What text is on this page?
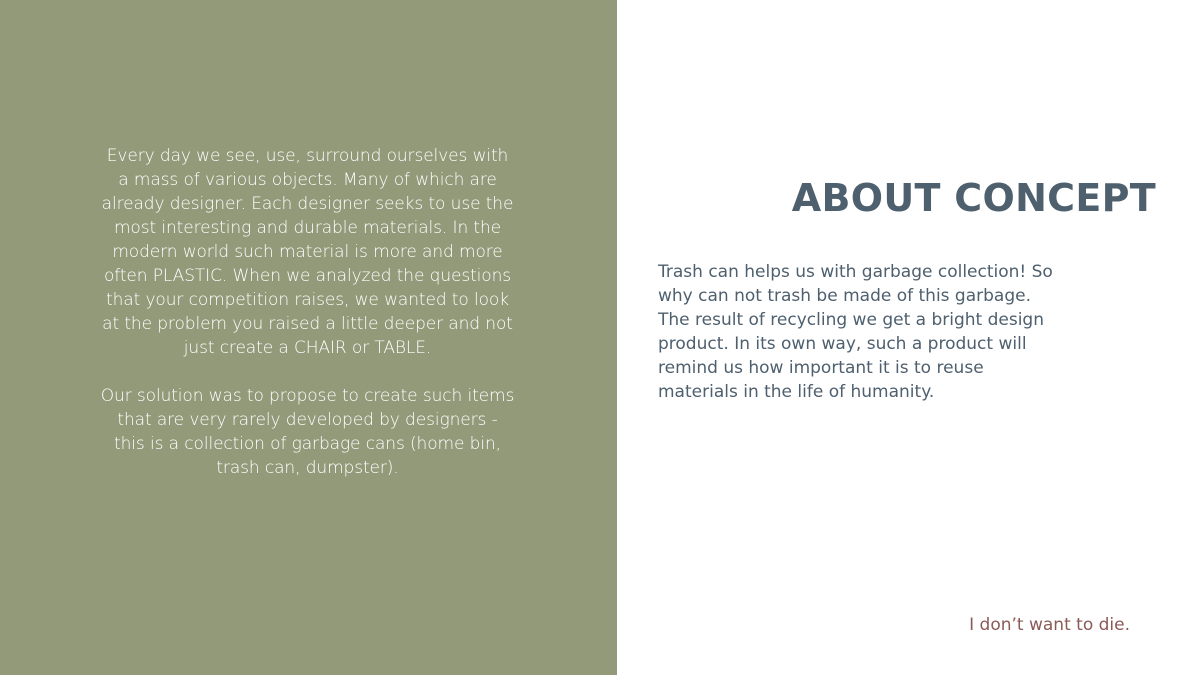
Every day we see, use, surround ourselves with a mass of various objects. Many of which are already designer. Each designer seeks to use the most interesting and durable materials. In the modern world such material is more and more often PLASTIC. When we analyzed the questions that your competition raises, we wanted to look at the problem you raised a little deeper and not just create a CHAIR or TABLE.

Our solution was to propose to create such items that are very rarely developed by designers - this is a collection of garbage cans (home bin, trash can, dumpster).

ABOUT CONCEPT

Trash can helps us with garbage collection! So why can not trash be made of this garbage. The result of recycling we get a bright design product. In its own way, such a product will remind us how important it is to reuse materials in the life of humanity.

I don’t want to die.
